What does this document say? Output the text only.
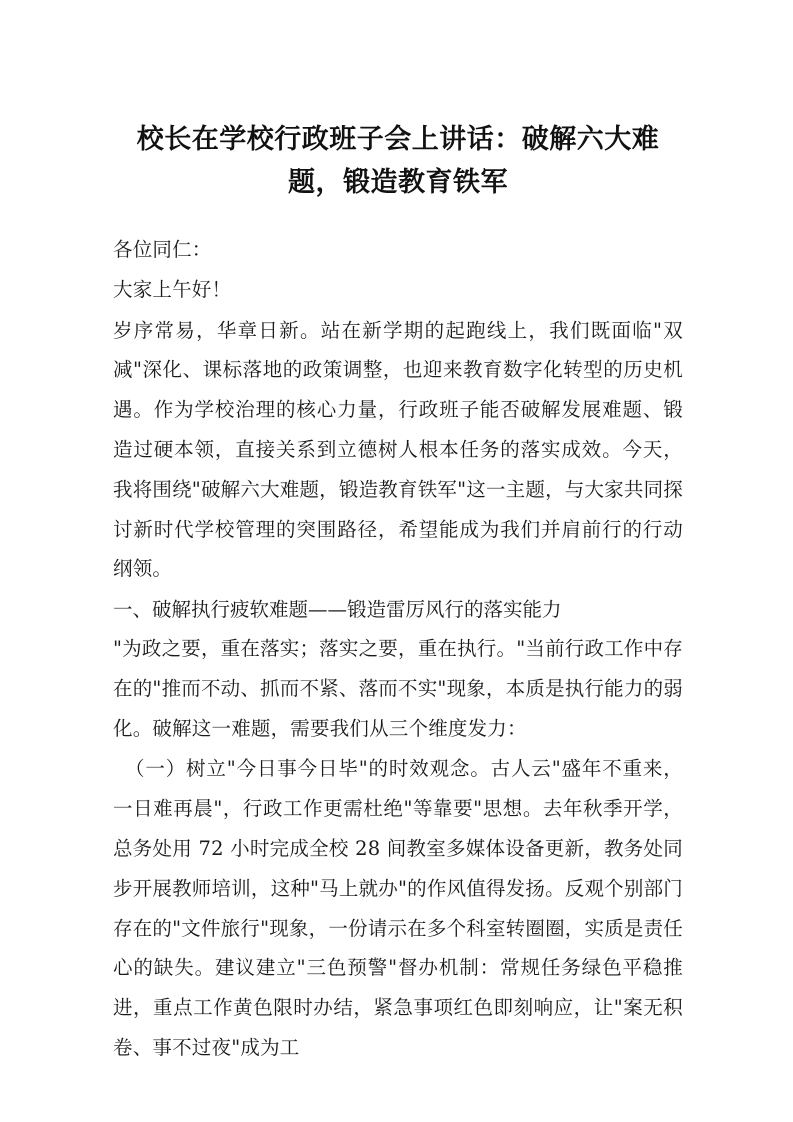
校长在学校行政班子会上讲话：破解六大难题，锻造教育铁军

各位同仁：

大家上午好！

岁序常易，华章日新。站在新学期的起跑线上，我们既面临"双减"深化、课标落地的政策调整，也迎来教育数字化转型的历史机遇。作为学校治理的核心力量，行政班子能否破解发展难题、锻造过硬本领，直接关系到立德树人根本任务的落实成效。今天，我将围绕"破解六大难题，锻造教育铁军"这一主题，与大家共同探讨新时代学校管理的突围路径，希望能成为我们并肩前行的行动纲领。

一、破解执行疲软难题——锻造雷厉风行的落实能力

"为政之要，重在落实；落实之要，重在执行。"当前行政工作中存在的"推而不动、抓而不紧、落而不实"现象，本质是执行能力的弱化。破解这一难题，需要我们从三个维度发力：

（一）树立"今日事今日毕"的时效观念。古人云"盛年不重来，一日难再晨"，行政工作更需杜绝"等靠要"思想。去年秋季开学，总务处用 72 小时完成全校 28 间教室多媒体设备更新，教务处同步开展教师培训，这种"马上就办"的作风值得发扬。反观个别部门存在的"文件旅行"现象，一份请示在多个科室转圈圈，实质是责任心的缺失。建议建立"三色预警"督办机制：常规任务绿色平稳推进，重点工作黄色限时办结，紧急事项红色即刻响应，让"案无积卷、事不过夜"成为工
